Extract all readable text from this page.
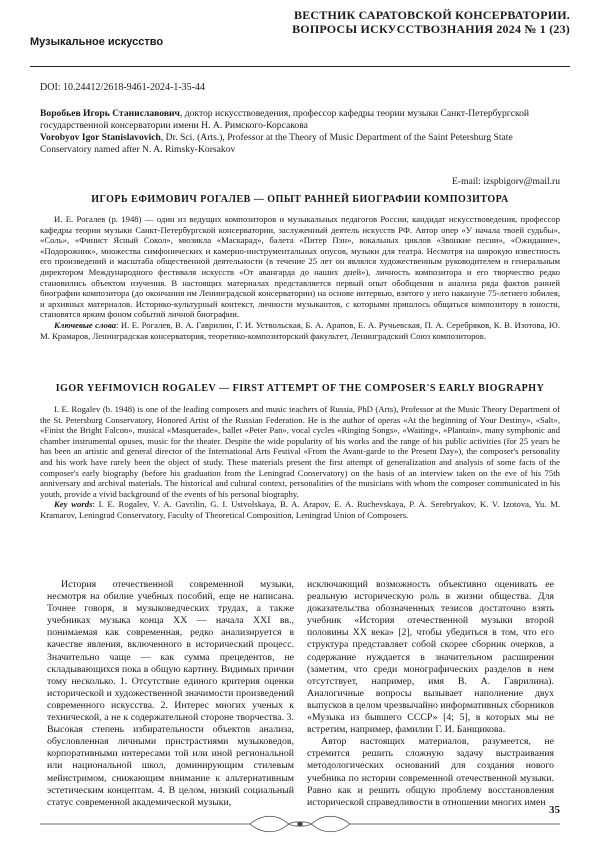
Музыкальное искусство
ВЕСТНИК САРАТОВСКОЙ КОНСЕРВАТОРИИ.
ВОПРОСЫ ИСКУССТВОЗНАНИЯ 2024 № 1 (23)
DOI: 10.24412/2618-9461-2024-1-35-44
Воробьев Игорь Станиславович, доктор искусствоведения, профессор кафедры теории музыки Санкт-Петербургской государственной консерватории имени Н. А. Римского-Корсакова
Vorobyov Igor Stanislavovich, Dr. Sci. (Arts.), Professor at the Theory of Music Department of the Saint Petersburg State Conservatory named after N. A. Rimsky-Korsakov
E-mail: izspbigorv@mail.ru
ИГОРЬ ЕФИМОВИЧ РОГАЛЕВ — ОПЫТ РАННЕЙ БИОГРАФИИ КОМПОЗИТОРА

И. Е. Рогалев (р. 1948) — один из ведущих композиторов и музыкальных педагогов России, кандидат искусствоведения, профессор кафедры теории музыки Санкт-Петербургской консерватории, заслуженный деятель искусств РФ. Автор опер «У начала твоей судьбы», «Соль», «Финист Ясный Сокол», мюзикла «Маскарад», балета «Питер Пэн», вокальных циклов «Звонкие песни», «Ожидание», «Подорожник», множества симфонических и камерно-инструментальных опусов, музыки для театра. Несмотря на широкую известность его произведений и масштаба общественной деятельности (в течение 25 лет он являлся художественным руководителем и генеральным директором Международного фестиваля искусств «От авангарда до наших дней»), личность композитора и его творчество редко становились объектом изучения. В настоящих материалах представляется первый опыт обобщения и анализа ряда фактов ранней биографии композитора (до окончания им Ленинградской консерватории) на основе интервью, взятого у него накануне 75-летнего юбилея, и архивных материалов. Историко-культурный контекст, личности музыкантов, с которыми пришлось общаться композитору в юности, становятся ярким фоном событий личной биографии.

Ключевые слова: И. Е. Рогалев, В. А. Гаврилин, Г. И. Уствольская, Б. А. Арапов, Е. А. Ручьевская, П. А. Серебряков, К. В. Изотова, Ю. М. Крамаров, Ленинградская консерватория, теоретико-композиторский факультет, Ленинградский Союз композиторов.

IGOR YEFIMOVICH ROGALEV — FIRST ATTEMPT OF THE COMPOSER'S EARLY BIOGRAPHY

I. E. Rogalev (b. 1948) is one of the leading composers and music teachers of Russia, PhD (Arts), Professor at the Music Theory Department of the St. Petersburg Conservatory, Honored Artist of the Russian Federation. He is the author of operas «At the beginning of Your Destiny», «Salt», «Finist the Bright Falcon», musical «Masquerade», ballet «Peter Pan», vocal cycles «Ringing Songs», «Waiting», «Plantain», many symphonic and chamber instrumental opuses, music for the theater. Despite the wide popularity of his works and the range of his public activities (for 25 years he has been an artistic and general director of the International Arts Festival «From the Avant-garde to the Present Day»), the composer's personality and his work have rarely been the object of study. These materials present the first attempt of generalization and analysis of some facts of the composer's early biography (before his graduation from the Leningrad Conservatory) on the basis of an interview taken on the eve of his 75th anniversary and archival materials. The historical and cultural context, personalities of the musicians with whom the composer communicated in his youth, provide a vivid background of the events of his personal biography.

Key words: I. E. Rogalev, V. A. Gavrilin, G. I. Ustvolskaya, B. A. Arapov, E. A. Ruchevskaya, P. A. Serebryakov, K. V. Izotova, Yu. M. Kramarov, Leningrad Conservatory, Faculty of Theoretical Composition, Leningrad Union of Composers.

История отечественной современной музыки, несмотря на обилие учебных пособий, еще не написана. Точнее говоря, в музыковедческих трудах, а также учебниках музыка конца XX — начала XXI вв., понимаемая как современная, редко анализируется в качестве явления, включенного в исторический процесс. Значительно чаще — как сумма прецедентов, не складывающихся пока в общую картину. Видимых причин тому несколько. 1. Отсутствие единого критерия оценки исторической и художественной значимости произведений современного искусства. 2. Интерес многих ученых к технической, а не к содержательной стороне творчества. 3. Высокая степень избирательности объектов анализа, обусловленная личными пристрастиями музыковедов, корпоративными интересами той или иной региональной или национальной школ, доминирующим стилевым мейнстримом, снижающим внимание к альтернативным эстетическим концептам. 4. В целом, низкий социальный статус современной академической музыки,

исключающий возможность объективно оценивать ее реальную историческую роль в жизни общества. Для доказательства обозначенных тезисов достаточно взять учебник «История отечественной музыки второй половины XX века» [2], чтобы убедиться в том, что его структура представляет собой скорее сборник очерков, а содержание нуждается в значительном расширении (заметим, что среди монографических разделов в нем отсутствует, например, имя В. А. Гаврилина). Аналогичные вопросы вызывает наполнение двух выпусков в целом чрезвычайно информативных сборников «Музыка из бывшего СССР» [4; 5], в которых мы не встретим, например, фамилии Г. И. Банщикова.

Автор настоящих материалов, разумеется, не стремится решить сложную задачу выстраивания методологических оснований для создания нового учебника по истории современной отечественной музыки. Равно как и решить общую проблему восстановления исторической справедливости в отношении многих имен

35
